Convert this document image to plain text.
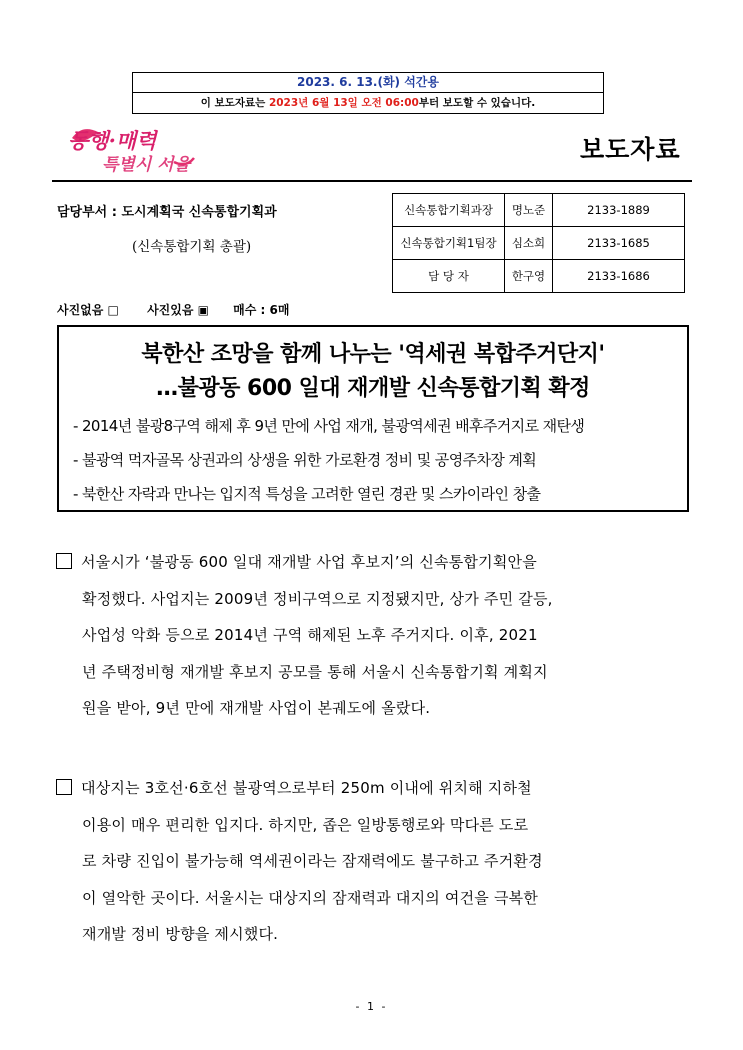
2023. 6. 13.(화) 석간용
이 보도자료는 2023년 6월 13일 오전 06:00부터 보도할 수 있습니다.
동행·매력
특별시 서울
보도자료
담당부서 : 도시계획국 신속통합기획과
(신속통합기획 총괄)
신속통합기획과장	명노준	2133-1889
신속통합기획1팀장	심소희	2133-1685
담 당 자	한구영	2133-1686
사진없음 □ 사진있음 ▣ 매수 : 6매
북한산 조망을 함께 나누는 '역세권 복합주거단지'
…불광동 600 일대 재개발 신속통합기획 확정
- 2014년 불광8구역 해제 후 9년 만에 사업 재개, 불광역세권 배후주거지로 재탄생
- 불광역 먹자골목 상권과의 상생을 위한 가로환경 정비 및 공영주차장 계획
- 북한산 자락과 만나는 입지적 특성을 고려한 열린 경관 및 스카이라인 창출
서울시가 ‘불광동 600 일대 재개발 사업 후보지’의 신속통합기획안을
확정했다. 사업지는 2009년 정비구역으로 지정됐지만, 상가 주민 갈등,
사업성 악화 등으로 2014년 구역 해제된 노후 주거지다. 이후, 2021
년 주택정비형 재개발 후보지 공모를 통해 서울시 신속통합기획 계획지
원을 받아, 9년 만에 재개발 사업이 본궤도에 올랐다.
대상지는 3호선·6호선 불광역으로부터 250m 이내에 위치해 지하철
이용이 매우 편리한 입지다. 하지만, 좁은 일방통행로와 막다른 도로
로 차량 진입이 불가능해 역세권이라는 잠재력에도 불구하고 주거환경
이 열악한 곳이다. 서울시는 대상지의 잠재력과 대지의 여건을 극복한
재개발 정비 방향을 제시했다.
- 1 -
